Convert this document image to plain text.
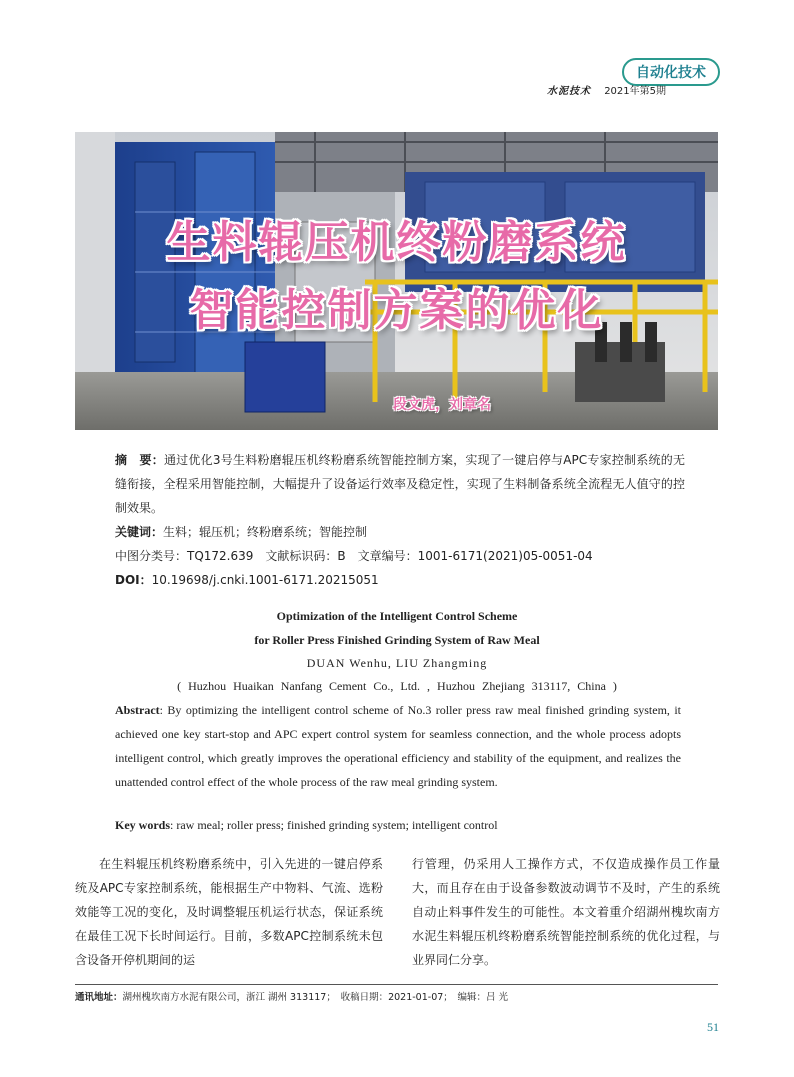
自动化技术
水泥技术 2021年第5期
生料辊压机终粉磨系统
智能控制方案的优化
段文虎，刘章名
摘　要：通过优化3号生料粉磨辊压机终粉磨系统智能控制方案，实现了一键启停与APC专家控制系统的无缝衔接，全程采用智能控制，大幅提升了设备运行效率及稳定性，实现了生料制备系统全流程无人值守的控制效果。
关键词：生料；辊压机；终粉磨系统；智能控制
中图分类号：TQ172.639　文献标识码：B　文章编号：1001-6171(2021)05-0051-04
DOI：10.19698/j.cnki.1001-6171.20215051
Optimization of the Intelligent Control Scheme
for Roller Press Finished Grinding System of Raw Meal
DUAN Wenhu, LIU Zhangming
( Huzhou Huaikan Nanfang Cement Co., Ltd. , Huzhou Zhejiang 313117, China )
Abstract: By optimizing the intelligent control scheme of No.3 roller press raw meal finished grinding system, it achieved one key start-stop and APC expert control system for seamless connection, and the whole process adopts intelligent control, which greatly improves the operational efficiency and stability of the equipment, and realizes the unattended control effect of the whole process of the raw meal grinding system.
Key words: raw meal; roller press; finished grinding system; intelligent control
在生料辊压机终粉磨系统中，引入先进的一键启停系统及APC专家控制系统，能根据生产中物料、气流、选粉效能等工况的变化，及时调整辊压机运行状态，保证系统在最佳工况下长时间运行。目前，多数APC控制系统未包含设备开停机期间的运
行管理，仍采用人工操作方式，不仅造成操作员工作量大，而且存在由于设备参数波动调节不及时，产生的系统自动止料事件发生的可能性。本文着重介绍湖州槐坎南方水泥生料辊压机终粉磨系统智能控制系统的优化过程，与业界同仁分享。
通讯地址：湖州槐坎南方水泥有限公司，浙江 湖州 313117；　收稿日期：2021-01-07；　编辑：吕 光
51
